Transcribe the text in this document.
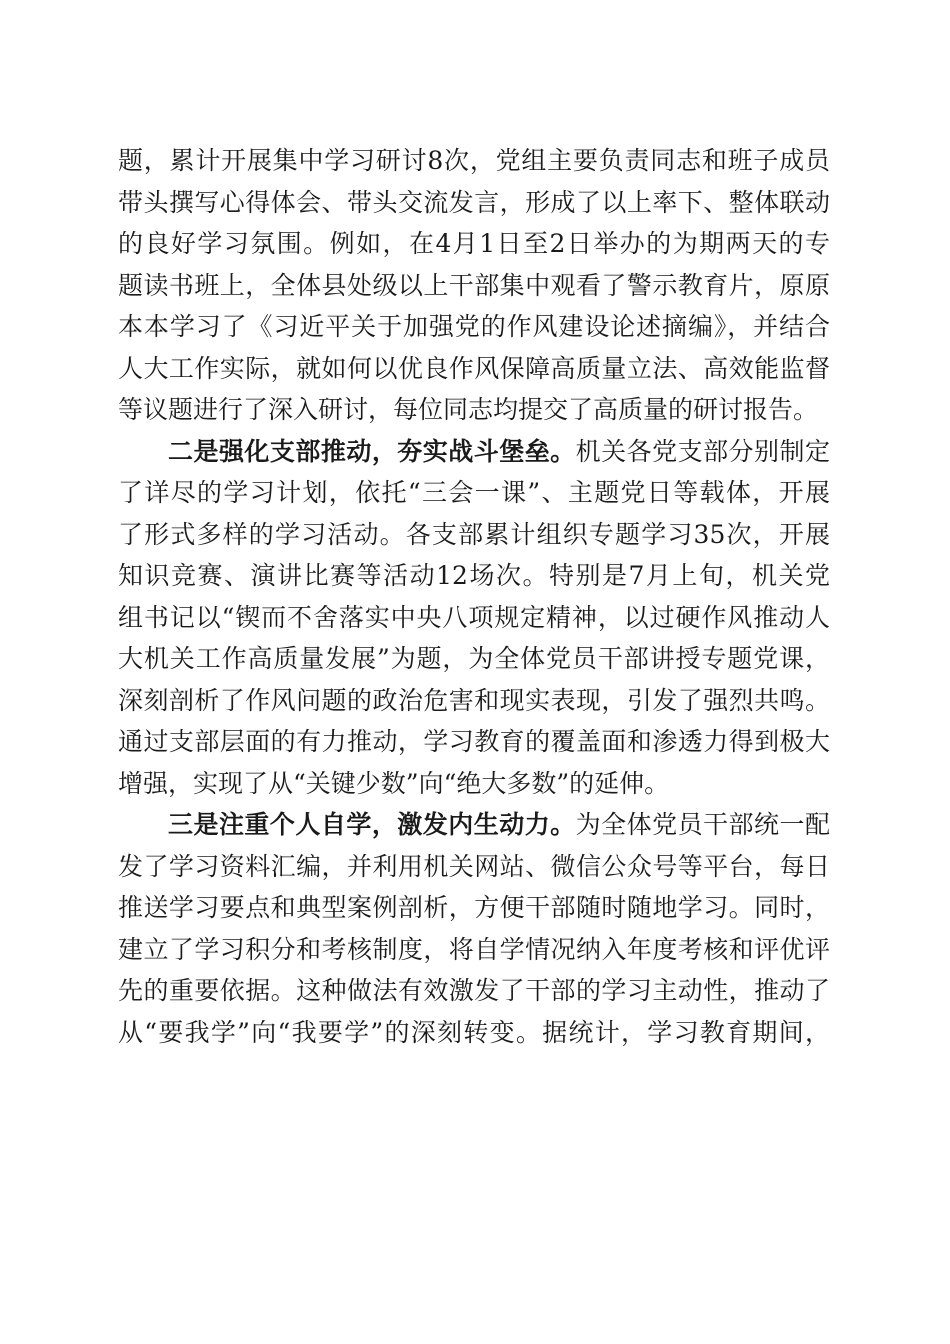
题，累计开展集中学习研讨8次，党组主要负责同志和班子成员
带头撰写心得体会、带头交流发言，形成了以上率下、整体联动
的良好学习氛围。例如，在4月1日至2日举办的为期两天的专
题读书班上，全体县处级以上干部集中观看了警示教育片，原原
本本学习了《习近平关于加强党的作风建设论述摘编》，并结合
人大工作实际，就如何以优良作风保障高质量立法、高效能监督
等议题进行了深入研讨，每位同志均提交了高质量的研讨报告。
二是强化支部推动，夯实战斗堡垒。机关各党支部分别制定
了详尽的学习计划，依托“三会一课”、主题党日等载体，开展
了形式多样的学习活动。各支部累计组织专题学习35次，开展
知识竞赛、演讲比赛等活动12场次。特别是7月上旬，机关党
组书记以“锲而不舍落实中央八项规定精神，以过硬作风推动人
大机关工作高质量发展”为题，为全体党员干部讲授专题党课，
深刻剖析了作风问题的政治危害和现实表现，引发了强烈共鸣。
通过支部层面的有力推动，学习教育的覆盖面和渗透力得到极大
增强，实现了从“关键少数”向“绝大多数”的延伸。
三是注重个人自学，激发内生动力。为全体党员干部统一配
发了学习资料汇编，并利用机关网站、微信公众号等平台，每日
推送学习要点和典型案例剖析，方便干部随时随地学习。同时，
建立了学习积分和考核制度，将自学情况纳入年度考核和评优评
先的重要依据。这种做法有效激发了干部的学习主动性，推动了
从“要我学”向“我要学”的深刻转变。据统计，学习教育期间，
